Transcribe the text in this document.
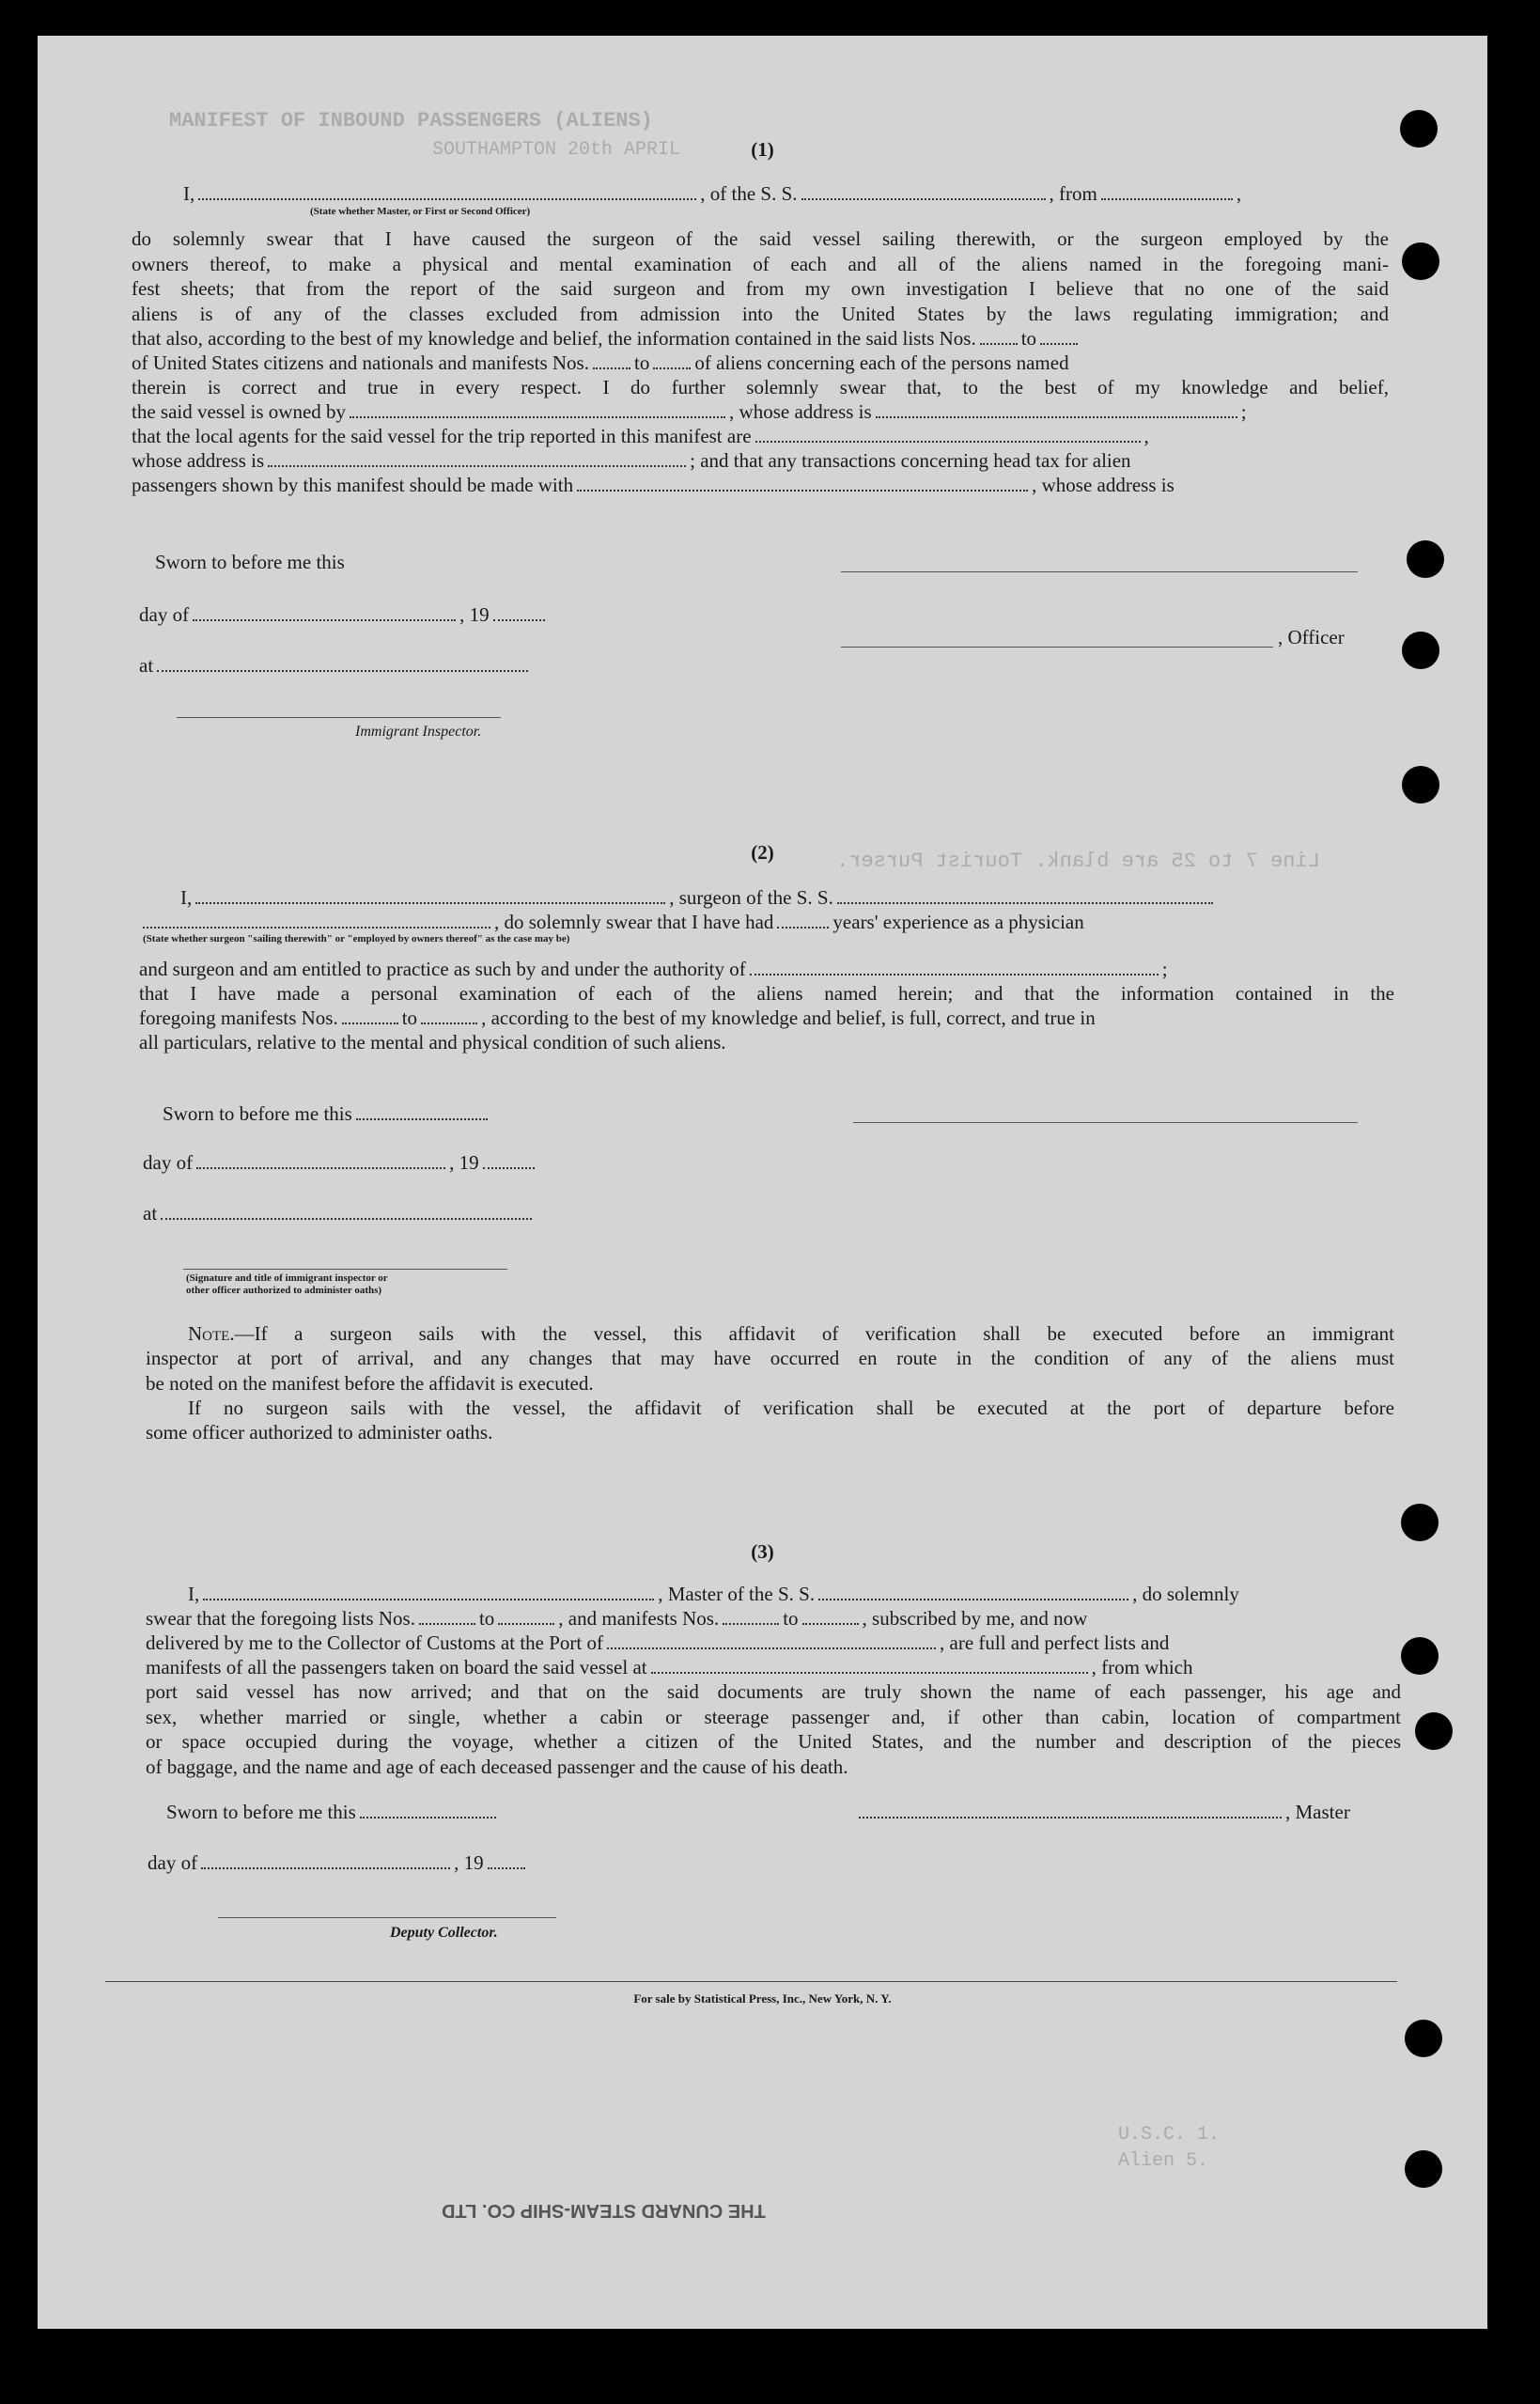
MANIFEST OF INBOUND PASSENGERS (ALIENS)
SOUTHAMPTON 20th APRIL
Line 7 to 25 are blank. Tourist Purser.
U.S.C. 1.
Alien 5.
(1)
I,	, of the S. S.	, from	,
(State whether Master, or First or Second Officer)
do solemnly swear that I have caused the surgeon of the said vessel sailing therewith, or the surgeon employed by the
owners thereof, to make a physical and mental examination of each and all of the aliens named in the foregoing mani-
fest sheets; that from the report of the said surgeon and from my own investigation I believe that no one of the said
aliens is of any of the classes excluded from admission into the United States by the laws regulating immigration; and
that also, according to the best of my knowledge and belief, the information contained in the said lists Nos. to
of United States citizens and nationals and manifests Nos. to of aliens concerning each of the persons named
therein is correct and true in every respect. I do further solemnly swear that, to the best of my knowledge and belief,
the said vessel is owned by	, whose address is	;
that the local agents for the said vessel for the trip reported in this manifest are	,
whose address is	; and that any transactions concerning head tax for alien
passengers shown by this manifest should be made with	, whose address is
Sworn to before me this
day of	, 19
, Officer
at
Immigrant Inspector.
(2)
I,	, surgeon of the S. S.
, do solemnly swear that I have had	years' experience as a physician
(State whether surgeon "sailing therewith" or "employed by owners thereof" as the case may be)
and surgeon and am entitled to practice as such by and under the authority of	;
that I have made a personal examination of each of the aliens named herein; and that the information contained in the
foregoing manifests Nos.	to	, according to the best of my knowledge and belief, is full, correct, and true in
all particulars, relative to the mental and physical condition of such aliens.
Sworn to before me this
day of	, 19
at
(Signature and title of immigrant inspector or
other officer authorized to administer oaths)
Note.—If a surgeon sails with the vessel, this affidavit of verification shall be executed before an immigrant
inspector at port of arrival, and any changes that may have occurred en route in the condition of any of the aliens must
be noted on the manifest before the affidavit is executed.
If no surgeon sails with the vessel, the affidavit of verification shall be executed at the port of departure before
some officer authorized to administer oaths.
(3)
I,	, Master of the S. S.	, do solemnly
swear that the foregoing lists Nos.	to	, and manifests Nos.	to	, subscribed by me, and now
delivered by me to the Collector of Customs at the Port of	, are full and perfect lists and
manifests of all the passengers taken on board the said vessel at	, from which
port said vessel has now arrived; and that on the said documents are truly shown the name of each passenger, his age and
sex, whether married or single, whether a cabin or steerage passenger and, if other than cabin, location of compartment
or space occupied during the voyage, whether a citizen of the United States, and the number and description of the pieces
of baggage, and the name and age of each deceased passenger and the cause of his death.
Sworn to before me this	, Master
day of	, 19
Deputy Collector.
For sale by Statistical Press, Inc., New York, N. Y.
THE CUNARD STEAM-SHIP CO. LTD
